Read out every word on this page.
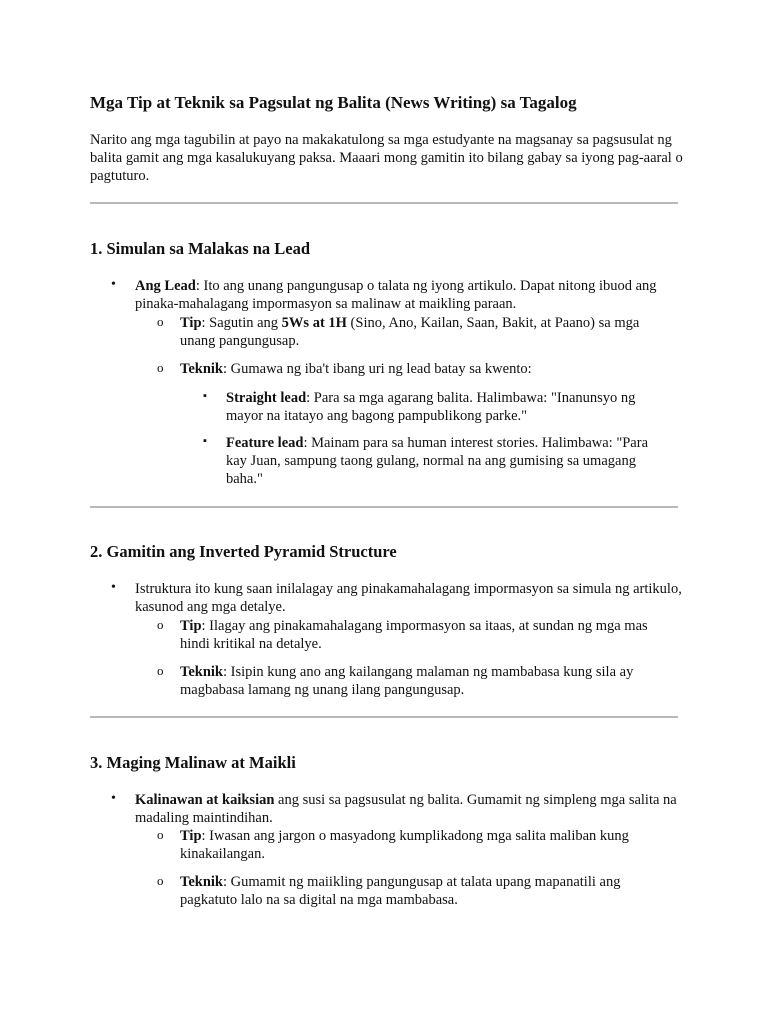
Mga Tip at Teknik sa Pagsulat ng Balita (News Writing) sa Tagalog

Narito ang mga tagubilin at payo na makakatulong sa mga estudyante na magsanay sa pagsusulat ng balita gamit ang mga kasalukuyang paksa. Maaari mong gamitin ito bilang gabay sa iyong pag-aaral o pagtuturo.

1. Simulan sa Malakas na Lead
• Ang Lead: Ito ang unang pangungusap o talata ng iyong artikulo. Dapat nitong ibuod ang pinaka-mahalagang impormasyon sa malinaw at maikling paraan.
o Tip: Sagutin ang 5Ws at 1H (Sino, Ano, Kailan, Saan, Bakit, at Paano) sa mga unang pangungusap.
o Teknik: Gumawa ng iba't ibang uri ng lead batay sa kwento:
▪ Straight lead: Para sa mga agarang balita. Halimbawa: "Inanunsyo ng mayor na itatayo ang bagong pampublikong parke."
▪ Feature lead: Mainam para sa human interest stories. Halimbawa: "Para kay Juan, sampung taong gulang, normal na ang gumising sa umagang baha."
2. Gamitin ang Inverted Pyramid Structure
• Istruktura ito kung saan inilalagay ang pinakamahalagang impormasyon sa simula ng artikulo, kasunod ang mga detalye.
o Tip: Ilagay ang pinakamahalagang impormasyon sa itaas, at sundan ng mga mas hindi kritikal na detalye.
o Teknik: Isipin kung ano ang kailangang malaman ng mambabasa kung sila ay magbabasa lamang ng unang ilang pangungusap.
3. Maging Malinaw at Maikli
• Kalinawan at kaiksian ang susi sa pagsusulat ng balita. Gumamit ng simpleng mga salita na madaling maintindihan.
o Tip: Iwasan ang jargon o masyadong kumplikadong mga salita maliban kung kinakailangan.
o Teknik: Gumamit ng maiikling pangungusap at talata upang mapanatili ang pagkatuto lalo na sa digital na mga mambabasa.
